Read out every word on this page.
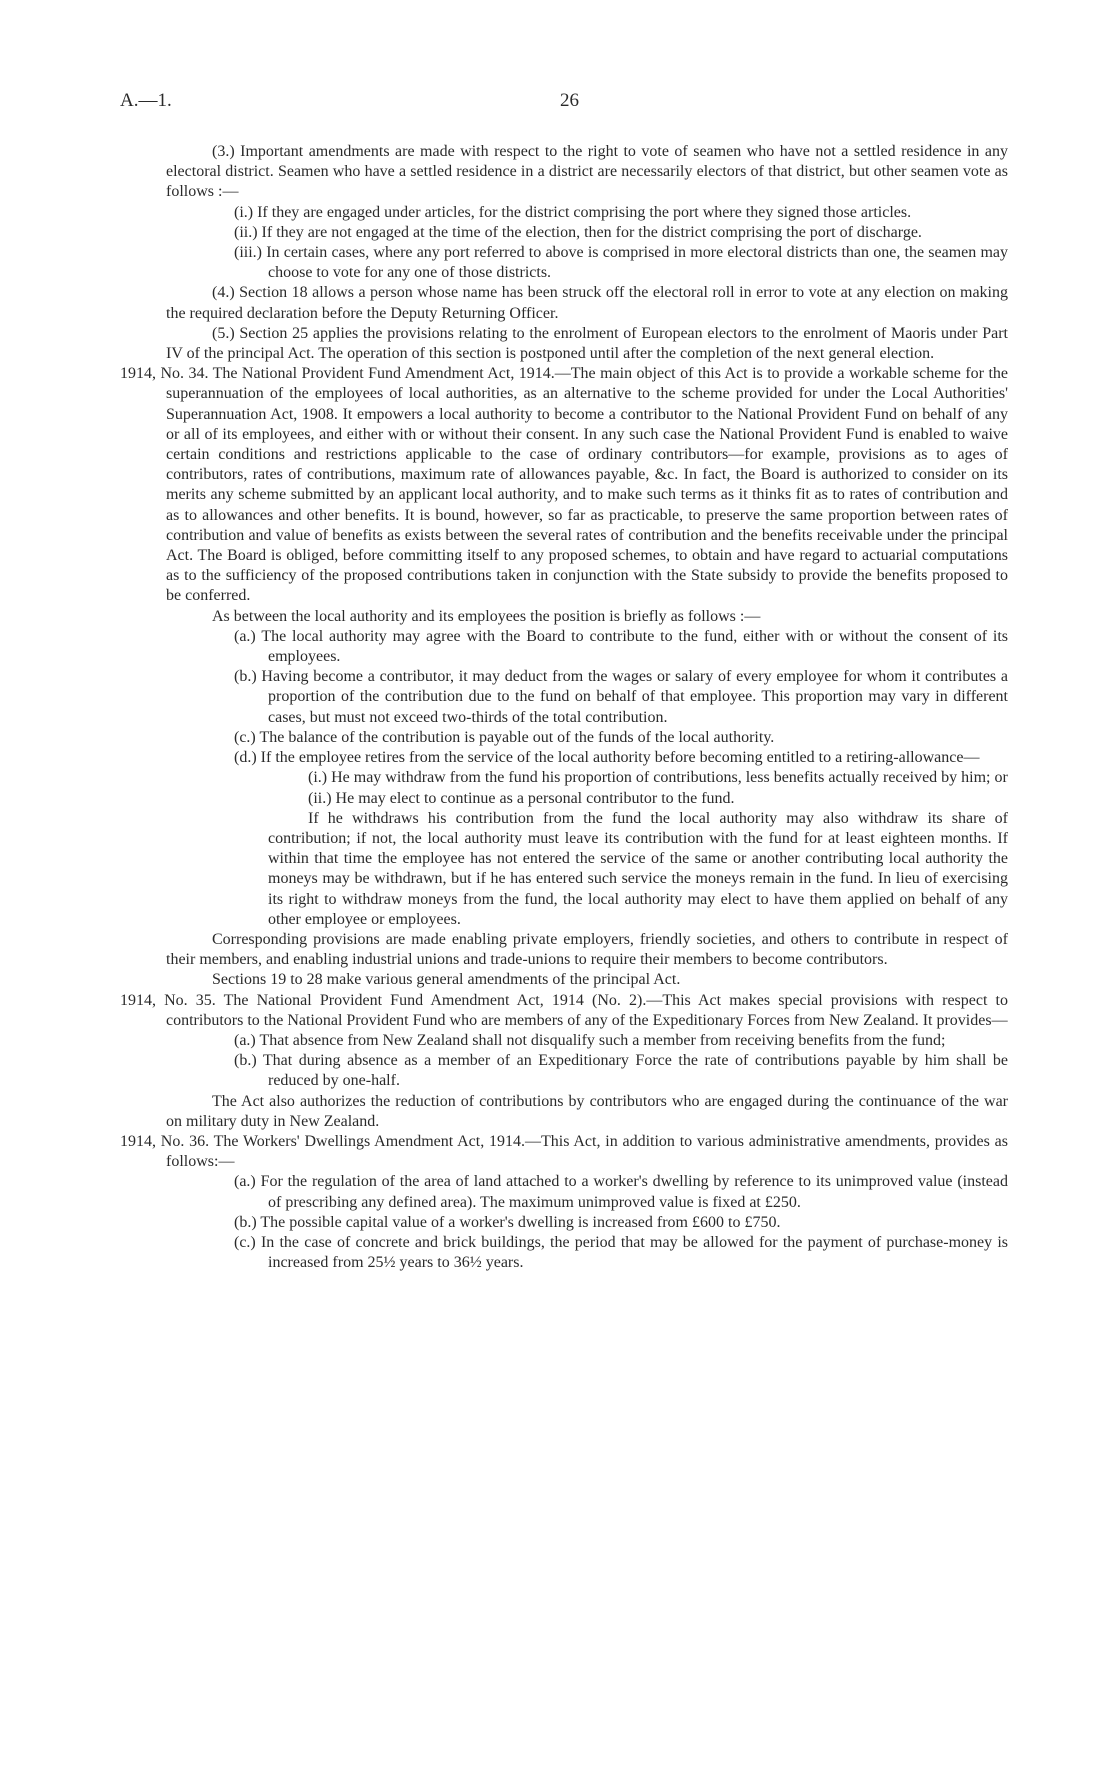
A.—1.	26

(3.) Important amendments are made with respect to the right to vote of seamen who have not a settled residence in any electoral district. Seamen who have a settled residence in a district are necessarily electors of that district, but other seamen vote as follows :—

(i.) If they are engaged under articles, for the district comprising the port where they signed those articles.

(ii.) If they are not engaged at the time of the election, then for the district comprising the port of discharge.

(iii.) In certain cases, where any port referred to above is comprised in more electoral districts than one, the seamen may choose to vote for any one of those districts.

(4.) Section 18 allows a person whose name has been struck off the electoral roll in error to vote at any election on making the required declaration before the Deputy Returning Officer.

(5.) Section 25 applies the provisions relating to the enrolment of European electors to the enrolment of Maoris under Part IV of the principal Act. The operation of this section is postponed until after the completion of the next general election.

1914, No. 34. The National Provident Fund Amendment Act, 1914.—The main object of this Act is to provide a workable scheme for the superannuation of the employees of local authorities, as an alternative to the scheme provided for under the Local Authorities' Superannuation Act, 1908. It empowers a local authority to become a contributor to the National Provident Fund on behalf of any or all of its employees, and either with or without their consent. In any such case the National Provident Fund is enabled to waive certain conditions and restrictions applicable to the case of ordinary contributors—for example, provisions as to ages of contributors, rates of contributions, maximum rate of allowances payable, &c. In fact, the Board is authorized to consider on its merits any scheme submitted by an applicant local authority, and to make such terms as it thinks fit as to rates of contribution and as to allowances and other benefits. It is bound, however, so far as practicable, to preserve the same proportion between rates of contribution and value of benefits as exists between the several rates of contribution and the benefits receivable under the principal Act. The Board is obliged, before committing itself to any proposed schemes, to obtain and have regard to actuarial computations as to the sufficiency of the proposed contributions taken in conjunction with the State subsidy to provide the benefits proposed to be conferred.

As between the local authority and its employees the position is briefly as follows :—

(a.) The local authority may agree with the Board to contribute to the fund, either with or without the consent of its employees.

(b.) Having become a contributor, it may deduct from the wages or salary of every employee for whom it contributes a proportion of the contribution due to the fund on behalf of that employee. This proportion may vary in different cases, but must not exceed two-thirds of the total contribution.

(c.) The balance of the contribution is payable out of the funds of the local authority.

(d.) If the employee retires from the service of the local authority before becoming entitled to a retiring-allowance—

(i.) He may withdraw from the fund his proportion of contributions, less benefits actually received by him; or

(ii.) He may elect to continue as a personal contributor to the fund.

If he withdraws his contribution from the fund the local authority may also withdraw its share of contribution; if not, the local authority must leave its contribution with the fund for at least eighteen months. If within that time the employee has not entered the service of the same or another contributing local authority the moneys may be withdrawn, but if he has entered such service the moneys remain in the fund. In lieu of exercising its right to withdraw moneys from the fund, the local authority may elect to have them applied on behalf of any other employee or employees.

Corresponding provisions are made enabling private employers, friendly societies, and others to contribute in respect of their members, and enabling industrial unions and trade-unions to require their members to become contributors.

Sections 19 to 28 make various general amendments of the principal Act.

1914, No. 35. The National Provident Fund Amendment Act, 1914 (No. 2).—This Act makes special provisions with respect to contributors to the National Provident Fund who are members of any of the Expeditionary Forces from New Zealand. It provides—

(a.) That absence from New Zealand shall not disqualify such a member from receiving benefits from the fund;

(b.) That during absence as a member of an Expeditionary Force the rate of contributions payable by him shall be reduced by one-half.

The Act also authorizes the reduction of contributions by contributors who are engaged during the continuance of the war on military duty in New Zealand.

1914, No. 36. The Workers' Dwellings Amendment Act, 1914.—This Act, in addition to various administrative amendments, provides as follows:—

(a.) For the regulation of the area of land attached to a worker's dwelling by reference to its unimproved value (instead of prescribing any defined area). The maximum unimproved value is fixed at £250.

(b.) The possible capital value of a worker's dwelling is increased from £600 to £750.

(c.) In the case of concrete and brick buildings, the period that may be allowed for the payment of purchase-money is increased from 25½ years to 36½ years.
